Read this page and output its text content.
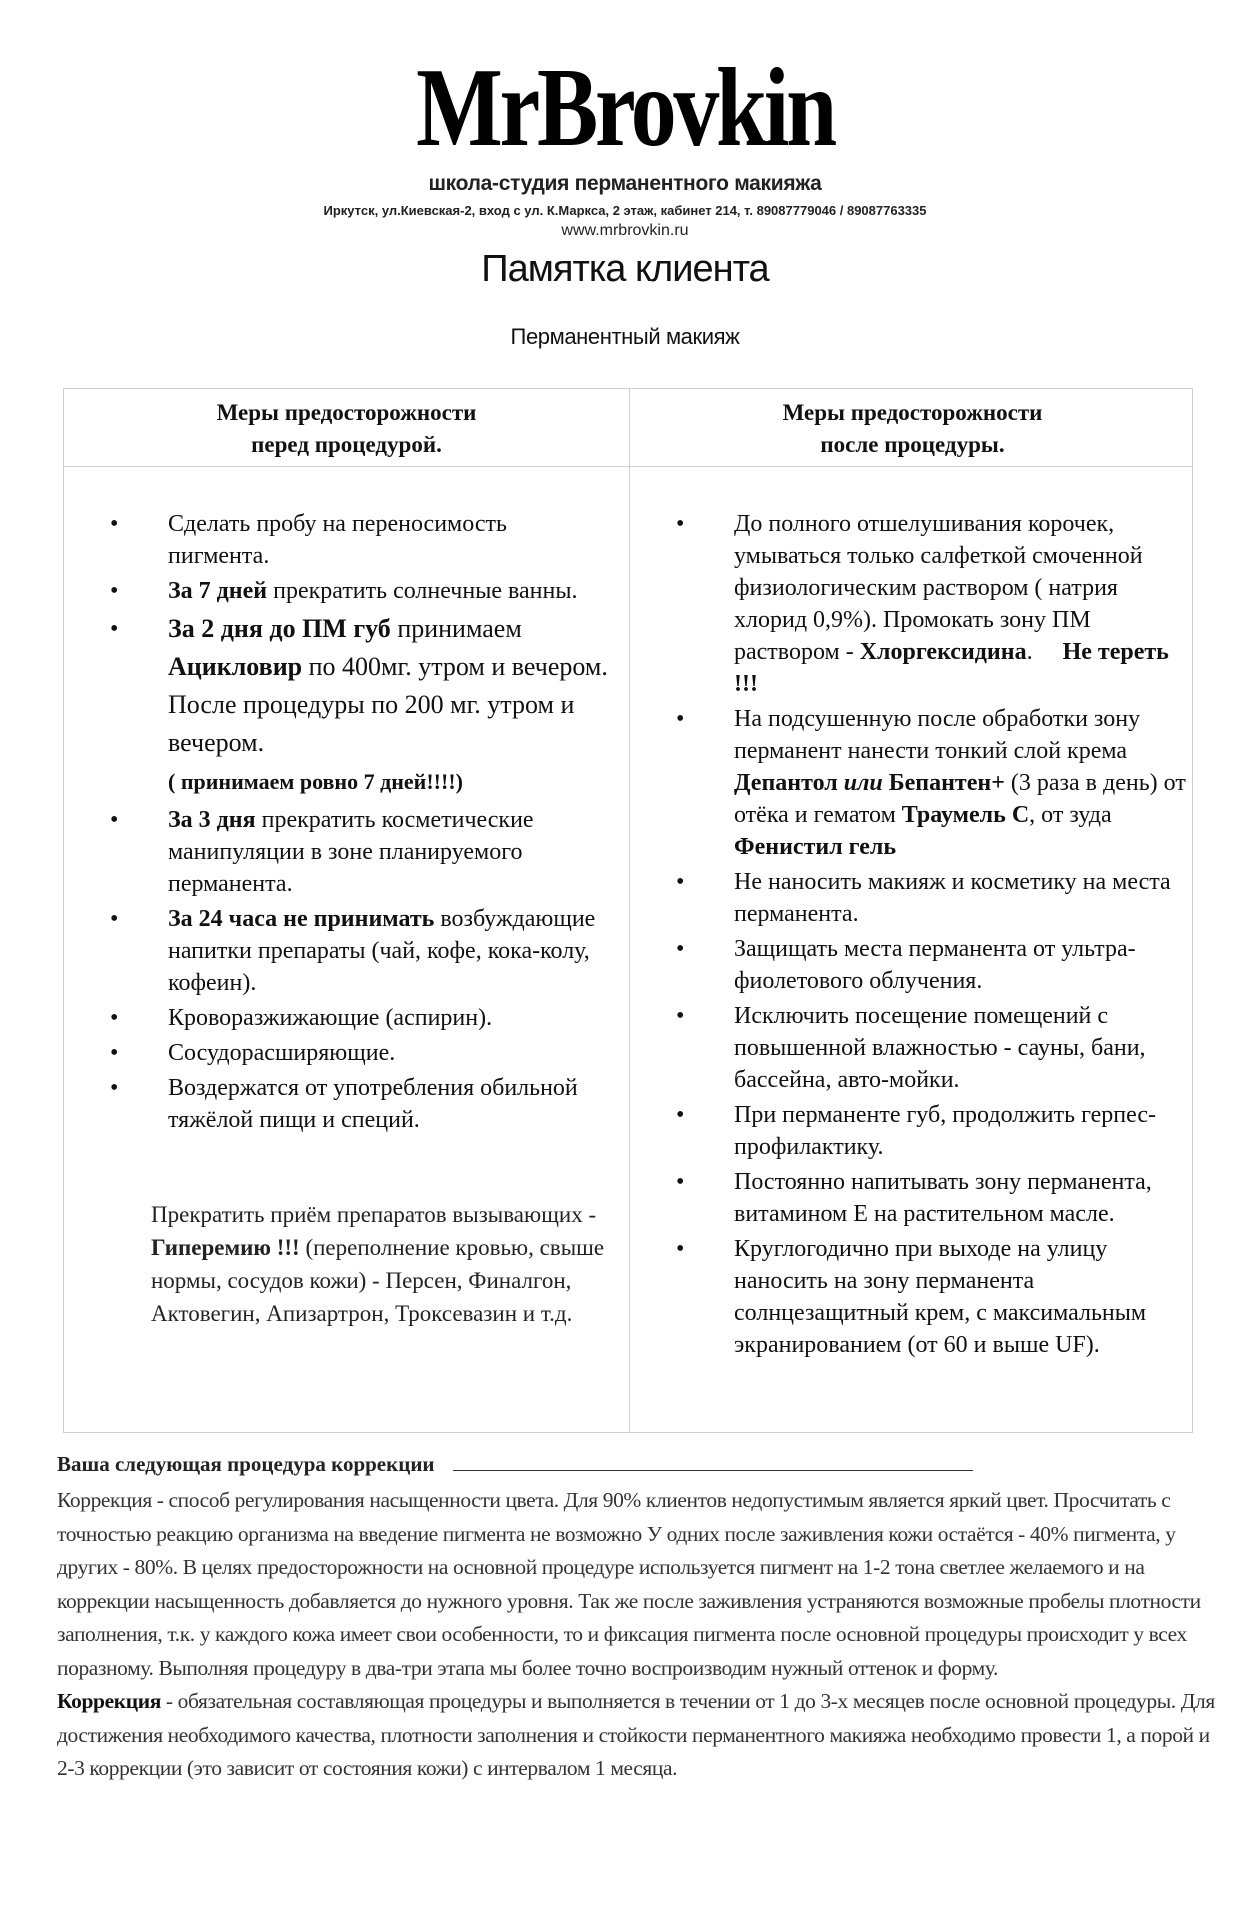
MrBrovkin
школа-студия перманентного макияжа
Иркутск, ул.Киевская-2, вход с ул. К.Маркса, 2 этаж, кабинет 214, т. 89087779046 / 89087763335
www.mrbrovkin.ru
Памятка клиента
Перманентный макияж
Меры предосторожности
перед процедурой.
Меры предосторожности
после процедуры.
• Сделать пробу на переносимость пигмента.
• За 7 дней прекратить солнечные ванны.
• За 2 дня до ПМ губ принимаем Ацикловир по 400мг. утром и вечером. После процедуры по 200 мг. утром и вечером.
( принимаем ровно 7 дней!!!!)
• За 3 дня прекратить косметические манипуляции в зоне планируемого перманента.
• За 24 часа не принимать возбуждающие напитки препараты (чай, кофе, кока-колу, кофеин).
• Кроворазжижающие (аспирин).
• Сосудорасширяющие.
• Воздержатся от употребления обильной тяжёлой пищи и специй.
Прекратить приём препаратов вызывающих - Гиперемию !!! (переполнение кровью, свыше нормы, сосудов кожи) - Персен, Финалгон, Актовегин, Апизартрон, Троксевазин и т.д.
• До полного отшелушивания корочек, умываться только салфеткой смоченной физиологическим раствором ( натрия хлорид 0,9%). Промокать зону ПМ раствором - Хлоргексидина.     Не тереть !!!
• На подсушенную после обработки зону перманент нанести тонкий слой крема Депантол или Бепантен+ (3 раза в день) от отёка и гематом Траумель С, от зуда Фенистил гель
• Не наносить макияж и косметику на места перманента.
• Защищать места перманента от ультра-фиолетового облучения.
• Исключить посещение помещений с повышенной влажностью - сауны, бани, бассейна, авто-мойки.
• При перманенте губ, продолжить герпес-профилактику.
• Постоянно напитывать зону перманента, витамином Е на растительном масле.
• Круглогодично при выходе на улицу наносить на зону перманента солнцезащитный крем, с максимальным экранированием (от 60 и выше UF).
Ваша следующая процедура коррекции

Коррекция - способ регулирования насыщенности цвета. Для 90% клиентов недопустимым является яркий цвет. Просчитать с точностью реакцию организма на введение пигмента не возможно У одних после заживления кожи остаётся - 40% пигмента, у других - 80%. В целях предосторожности на основной процедуре используется пигмент на 1-2 тона светлее желаемого и на коррекции насыщенность добавляется до нужного уровня. Так же после заживления устраняются возможные пробелы плотности заполнения, т.к. у каждого кожа имеет свои особенности, то и фиксация пигмента после основной процедуры происходит у всех поразному. Выполняя процедуру в два-три этапа мы более точно воспроизводим нужный оттенок и форму.

Коррекция - обязательная составляющая процедуры и выполняется в течении от 1 до 3-х месяцев после основной процедуры. Для достижения необходимого качества, плотности заполнения и стойкости перманентного макияжа необходимо провести 1, а порой и 2-3 коррекции (это зависит от состояния кожи) с интервалом 1 месяца.
